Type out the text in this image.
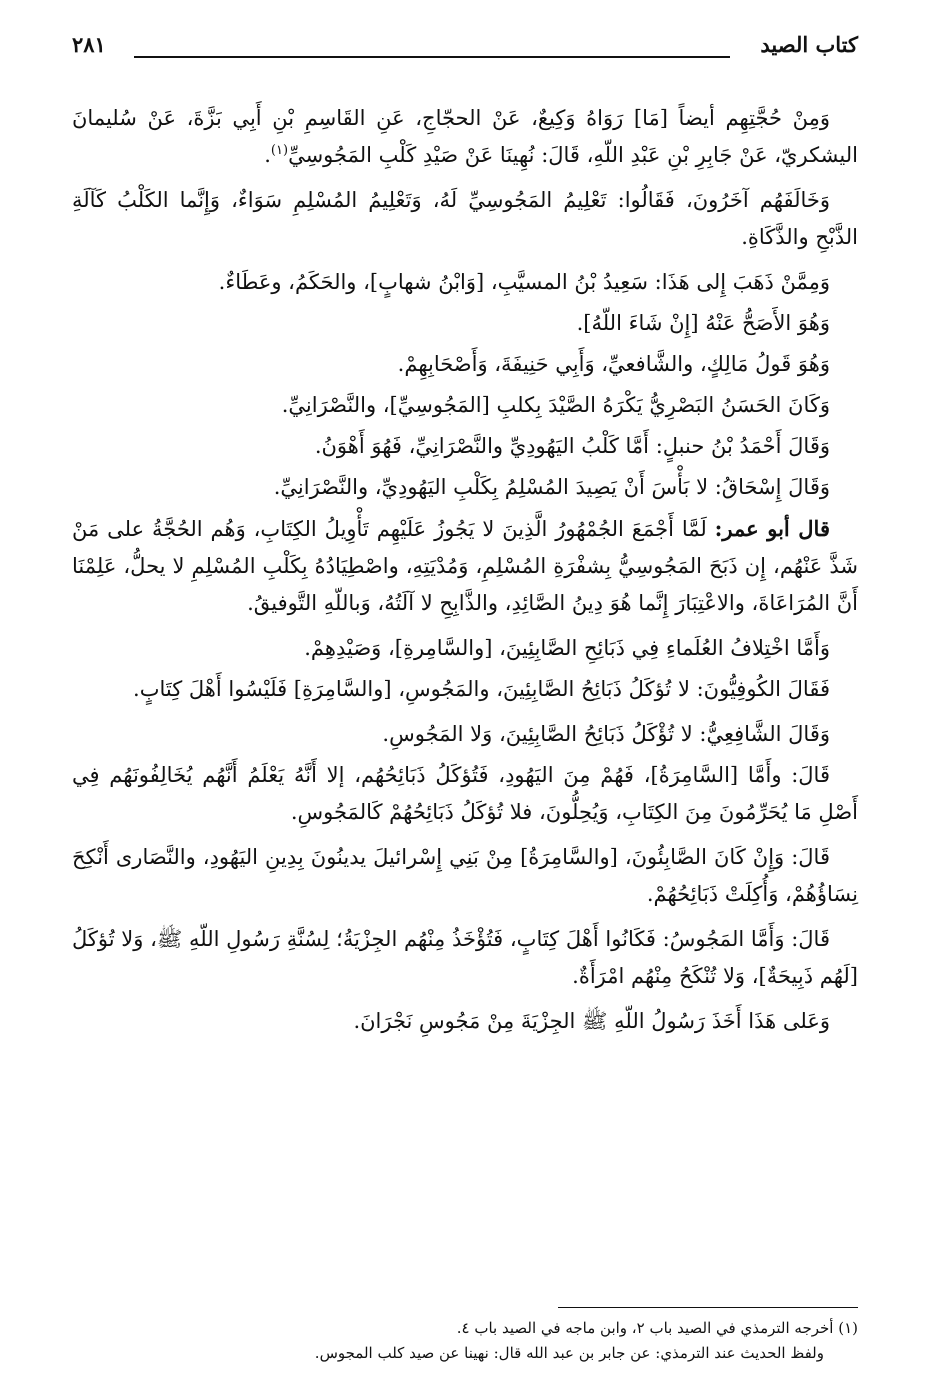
كتاب الصيد
٢٨١

وَمِنْ حُجَّتِهِم أيضاً [مَا] رَوَاهُ وَكِيعٌ، عَنْ الحجّاجِ، عَنِ القَاسِمِ بْنِ أَبِي بَزَّةَ، عَنْ سُليمانَ اليشكريّ، عَنْ جَابِرِ بْنِ عَبْدِ اللّهِ، قَالَ: نُهِينَا عَنْ صَيْدِ كَلْبِ المَجُوسِيِّ$^{(١)}$.

وَخَالَفَهُم آخَرُونَ، فَقَالُوا: تَعْلِيمُ المَجُوسِيِّ لَهُ، وَتَعْلِيمُ المُسْلِمِ سَوَاءٌ، وَإِنَّما الكَلْبُ كَآلَةِ الذَّبْحِ والذَّكَاةِ.

وَمِمَّنْ ذَهَبَ إِلى هَذَا: سَعِيدُ بْنُ المسيَّبِ، [وَابْنُ شهابٍ]، والحَكَمُ، وعَطَاءٌ.

وَهُوَ الأَصَحُّ عَنْهُ [إِنْ شَاءَ اللّهُ].

وَهُوَ قَولُ مَالِكٍ، والشَّافعيِّ، وَأَبِي حَنِيفَةَ، وَأَصْحَابِهِمْ.

وَكَانَ الحَسَنُ البَصْرِيُّ يَكْرَهُ الصَّيْدَ بِكلبِ [المَجُوسِيِّ]، والنَّصْرَانِيِّ.

وَقَالَ أَحْمَدُ بْنُ حنبلٍ: أَمَّا كَلْبُ اليَهُودِيِّ والنَّصْرَانِيِّ، فَهُوَ أَهْوَنُ.

وَقَالَ إِسْحَاقُ: لا بَأْسَ أَنْ يَصِيدَ المُسْلِمُ بِكَلْبِ اليَهُودِيِّ، والنَّصْرَانِيِّ.

قال أبو عمر: لَمَّا أَجْمَعَ الجُمْهُورُ الَّذِينَ لا يَجُوزُ عَلَيْهِم تَأْوِيلُ الكِتَابِ، وَهُم الحُجَّةُ على مَنْ شَذَّ عَنْهُم، إِن ذَبَحَ المَجُوسِيُّ بِشفْرَةِ المُسْلِمِ، وَمُدْيَتِهِ، واصْطِيَادُهُ بِكَلْبِ المُسْلِمِ لا يحلُّ، عَلِمْنَا أَنَّ المُرَاعَاةَ، والاعْتِبَارَ إِنَّما هُوَ دِينُ الصَّائِدِ، والذَّابِحِ لا آلَتُهُ، وَباللّهِ التَّوفيقُ.

وَأَمَّا اخْتِلافُ العُلَماءِ فِي ذَبَائِحِ الصَّابِئِينَ، [والسَّامِرةِ]، وَصَيْدِهِمْ.

فَقَالَ الكُوفِيُّونَ: لا تُؤكَلُ ذَبَائِحُ الصَّابِئِينَ، والمَجُوسِ، [والسَّامِرَةِ] فَلَيْسُوا أَهْلَ كِتَابٍ.

وَقَالَ الشَّافِعِيُّ: لا تُؤْكَلُ ذَبَائِحُ الصَّابِئِينَ، وَلا المَجُوسِ.

قَالَ: وأَمَّا [السَّامِرَةُ]، فَهُمْ مِنَ اليَهُودِ، فَتُؤكَلُ ذَبَائِحُهُم، إلا أَنَّهُ يَعْلَمُ أَنَّهُم يُخَالِفُونَهُم فِي أَصْلِ مَا يُحَرِّمُونَ مِنَ الكِتَابِ، وَيُحِلُّونَ، فلا تُؤكَلُ ذَبَائِحُهُمْ كَالمَجُوسِ.

قَالَ: وَإِنْ كَانَ الصَّابِئُونَ، [والسَّامِرَةُ] مِنْ بَنِي إِسْرائيلَ يدينُونَ بِدِينِ اليَهُودِ، والنَّصَارى أَنْكِحَ نِسَاؤُهُمْ، وَأُكِلَتْ ذَبَائِحُهُمْ.

قَالَ: وَأَمَّا المَجُوسُ: فَكَانُوا أَهْلَ كِتَابٍ، فَتُؤْخَذُ مِنْهُم الجِزْيَةُ؛ لِسُنَّةِ رَسُولِ اللّهِ ﷺ، وَلا تُؤكَلُ [لَهُم ذَبِيحَةٌ]، وَلا تُنْكَحُ مِنْهُم امْرَأَةٌ.

وَعَلى هَذَا أَخَذَ رَسُولُ اللّهِ ﷺ الجِزْيَةَ مِنْ مَجُوسِ نَجْرَانَ.

(١) أخرجه الترمذي في الصيد باب ٢، وابن ماجه في الصيد باب ٤.

ولفظ الحديث عند الترمذي: عن جابر بن عبد الله قال: نهينا عن صيد كلب المجوس.
